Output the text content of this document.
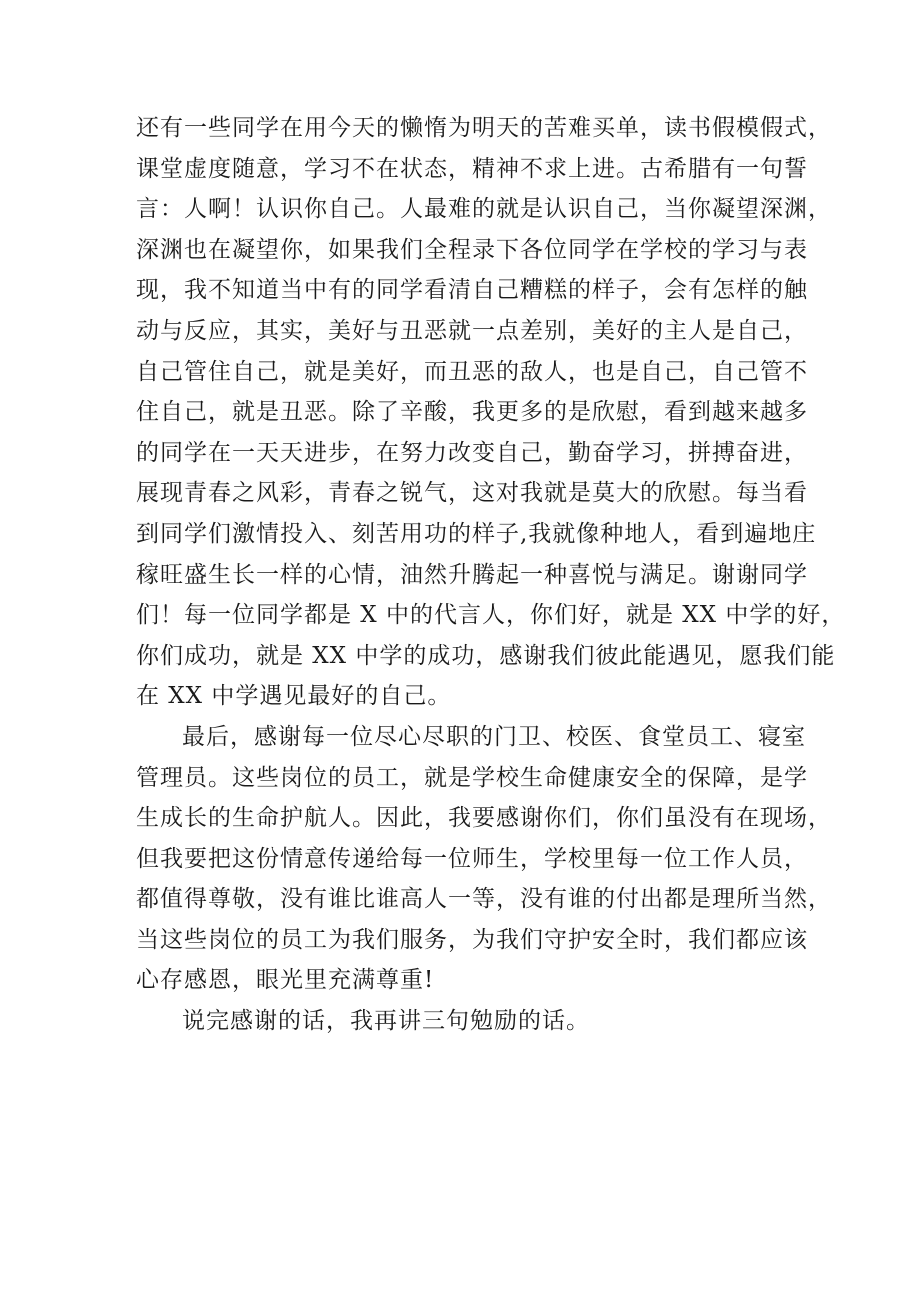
还有一些同学在用今天的懒惰为明天的苦难买单，读书假模假式，
课堂虚度随意，学习不在状态，精神不求上进。古希腊有一句誓
言：人啊！认识你自己。人最难的就是认识自己，当你凝望深渊，
深渊也在凝望你，如果我们全程录下各位同学在学校的学习与表
现，我不知道当中有的同学看清自己糟糕的样子，会有怎样的触
动与反应，其实，美好与丑恶就一点差别，美好的主人是自己，
自己管住自己，就是美好，而丑恶的敌人，也是自己，自己管不
住自己，就是丑恶。除了辛酸，我更多的是欣慰，看到越来越多
的同学在一天天进步，在努力改变自己，勤奋学习，拼搏奋进，
展现青春之风彩，青春之锐气，这对我就是莫大的欣慰。每当看
到同学们激情投入、刻苦用功的样子,我就像种地人，看到遍地庄
稼旺盛生长一样的心情，油然升腾起一种喜悦与满足。谢谢同学
们！每一位同学都是 X 中的代言人，你们好，就是 XX 中学的好，
你们成功，就是 XX 中学的成功，感谢我们彼此能遇见，愿我们能
在 XX 中学遇见最好的自己。
最后，感谢每一位尽心尽职的门卫、校医、食堂员工、寝室
管理员。这些岗位的员工，就是学校生命健康安全的保障，是学
生成长的生命护航人。因此，我要感谢你们，你们虽没有在现场，
但我要把这份情意传递给每一位师生，学校里每一位工作人员，
都值得尊敬，没有谁比谁高人一等，没有谁的付出都是理所当然，
当这些岗位的员工为我们服务，为我们守护安全时，我们都应该
心存感恩，眼光里充满尊重!
说完感谢的话，我再讲三句勉励的话。
